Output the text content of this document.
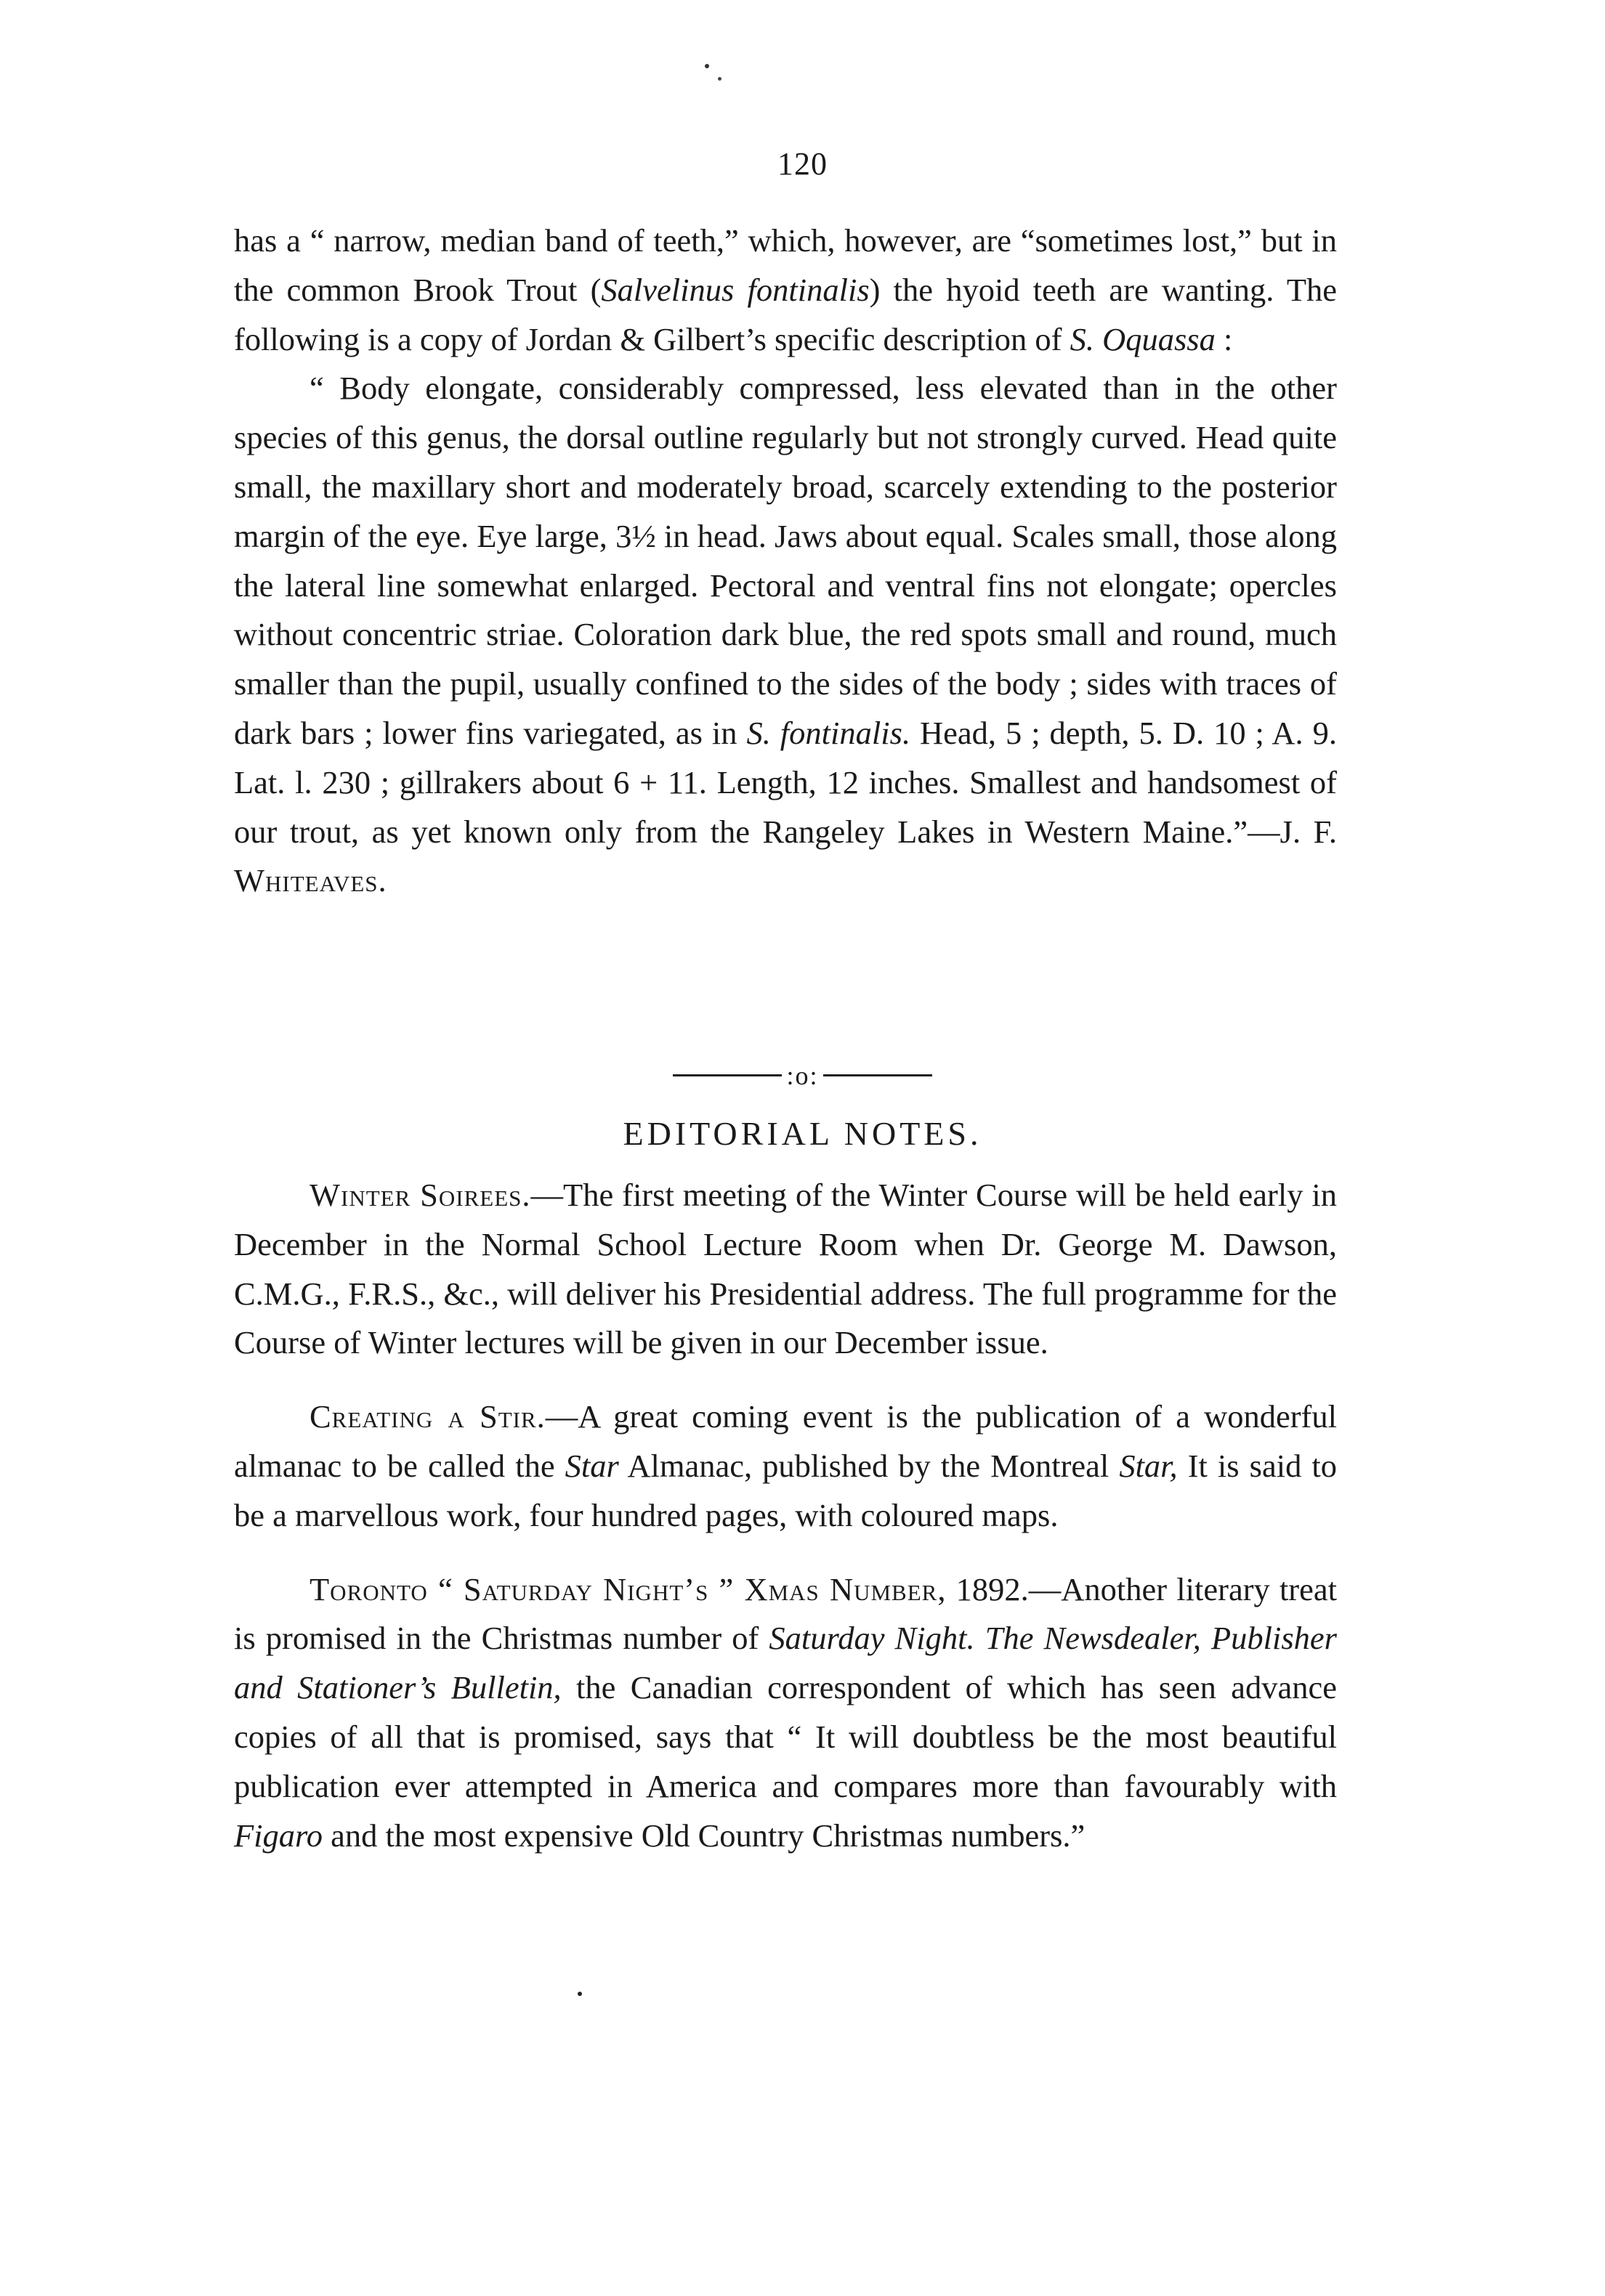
120

has a “ narrow, median band of teeth,” which, however, are “sometimes lost,” but in the common Brook Trout (Salvelinus fontinalis) the hyoid teeth are wanting. The following is a copy of Jordan & Gilbert’s specific description of S. Oquassa :

“ Body elongate, considerably compressed, less elevated than in the other species of this genus, the dorsal outline regularly but not strongly curved. Head quite small, the maxillary short and moderately broad, scarcely extending to the posterior margin of the eye. Eye large, 3½ in head. Jaws about equal. Scales small, those along the lateral line somewhat enlarged. Pectoral and ventral fins not elongate; opercles without concentric striae. Coloration dark blue, the red spots small and round, much smaller than the pupil, usually confined to the sides of the body ; sides with traces of dark bars ; lower fins variegated, as in S. fontinalis. Head, 5 ; depth, 5. D. 10 ; A. 9. Lat. l. 230 ; gillrakers about 6 + 11. Length, 12 inches. Smallest and handsomest of our trout, as yet known only from the Rangeley Lakes in Western Maine.”—J. F. Whiteaves.

:o:
EDITORIAL NOTES.

Winter Soirees.—The first meeting of the Winter Course will be held early in December in the Normal School Lecture Room when Dr. George M. Dawson, C.M.G., F.R.S., &c., will deliver his Presidential address. The full programme for the Course of Winter lectures will be given in our December issue.

Creating a Stir.—A great coming event is the publication of a wonderful almanac to be called the Star Almanac, published by the Montreal Star, It is said to be a marvellous work, four hundred pages, with coloured maps.

Toronto “ Saturday Night’s ” Xmas Number, 1892.—Another literary treat is promised in the Christmas number of Saturday Night. The Newsdealer, Publisher and Stationer’s Bulletin, the Canadian correspondent of which has seen advance copies of all that is promised, says that “ It will doubtless be the most beautiful publication ever attempted in America and compares more than favourably with Figaro and the most expensive Old Country Christmas numbers.”
